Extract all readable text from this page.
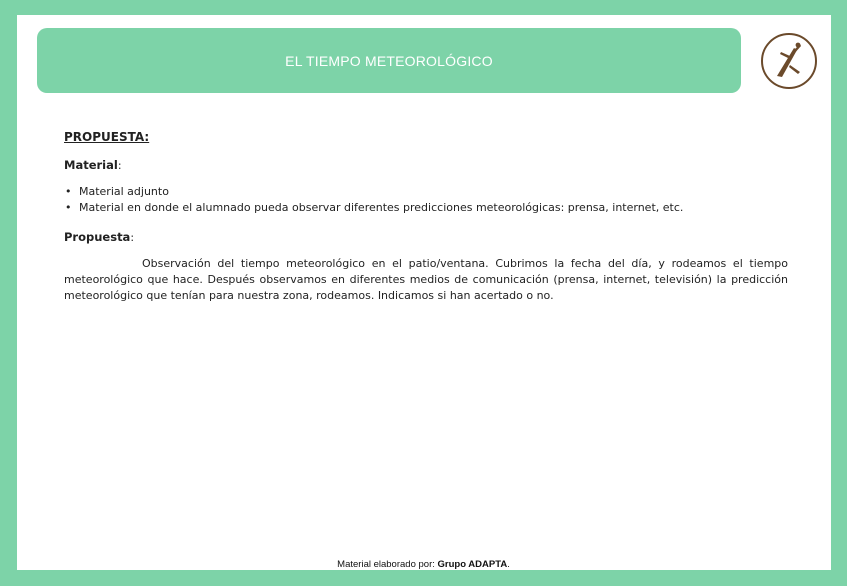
EL TIEMPO METEOROLÓGICO
PROPUESTA:
Material:
• Material adjunto
• Material en donde el alumnado pueda observar diferentes predicciones meteorológicas: prensa, internet, etc.
Propuesta:

Observación del tiempo meteorológico en el patio/ventana. Cubrimos la fecha del día, y rodeamos el tiempo meteorológico que hace. Después observamos en diferentes medios de comunicación (prensa, internet, televisión) la predicción meteorológico que tenían para nuestra zona, rodeamos. Indicamos si han acertado o no.

Material elaborado por: Grupo ADAPTA.
